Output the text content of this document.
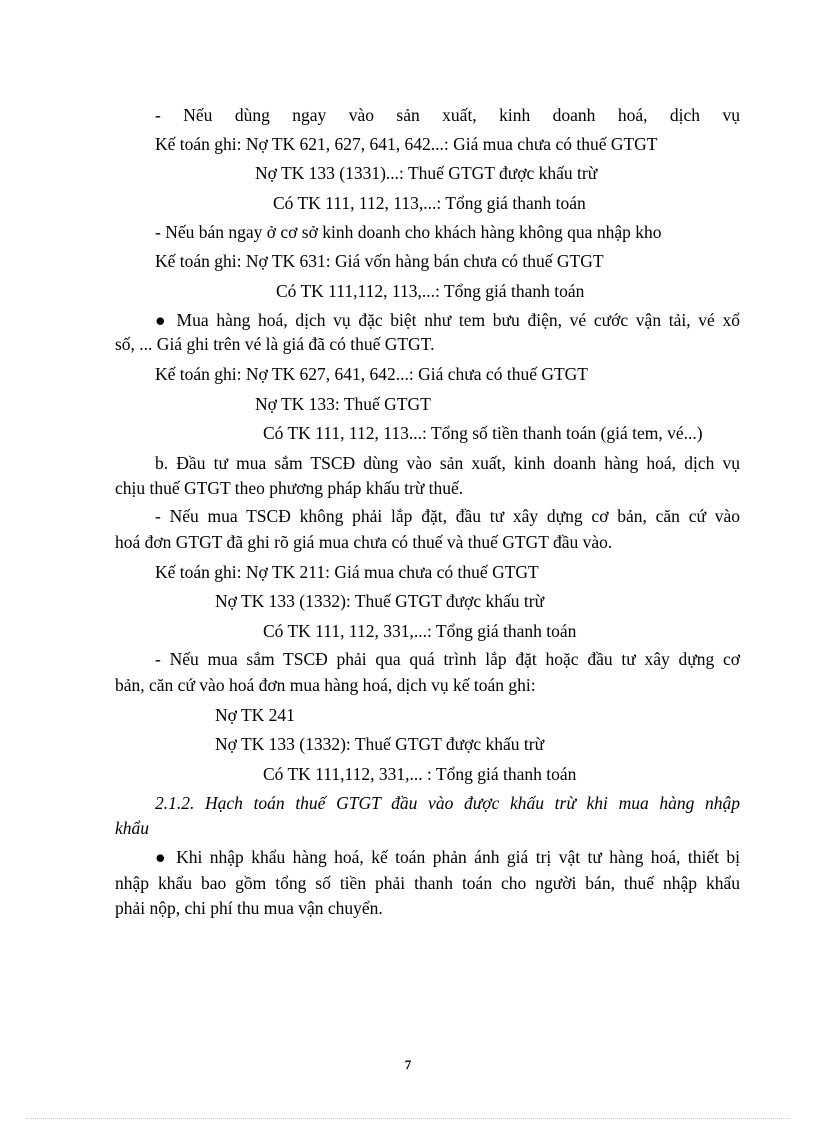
- Nếu dùng ngay vào sản xuất, kinh doanh hoá, dịch vụ
Kế toán ghi: Nợ TK 621, 627, 641, 642...: Giá mua chưa có thuế GTGT
Nợ TK 133 (1331)...: Thuế GTGT được khấu trừ
Có TK 111, 112, 113,...: Tổng giá thanh toán
- Nếu bán ngay ở cơ sở kinh doanh cho khách hàng không qua nhập kho
Kế toán ghi: Nợ TK 631: Giá vốn hàng bán chưa có thuế GTGT
Có TK 111,112, 113,...: Tổng giá thanh toán
● Mua hàng hoá, dịch vụ đặc biệt như tem bưu điện, vé cước vận tải, vé xổ
số, ... Giá ghi trên vé là giá đã có thuế GTGT.
Kế toán ghi: Nợ TK 627, 641, 642...: Giá chưa có thuế GTGT
Nợ TK 133: Thuế GTGT
Có TK 111, 112, 113...: Tổng số tiền thanh toán (giá tem, vé...)
b. Đầu tư mua sắm TSCĐ dùng vào sản xuất, kinh doanh hàng hoá, dịch vụ
chịu thuế GTGT theo phương pháp khấu trừ thuế.
- Nếu mua TSCĐ không phải lắp đặt, đầu tư xây dựng cơ bản, căn cứ vào
hoá đơn GTGT đã ghi rõ giá mua chưa có thuế và thuế GTGT đầu vào.
Kế toán ghi: Nợ TK 211: Giá mua chưa có thuế GTGT
Nợ TK 133 (1332): Thuế GTGT được khấu trừ
Có TK 111, 112, 331,...: Tổng giá thanh toán
- Nếu mua sắm TSCĐ phải qua quá trình lắp đặt hoặc đầu tư xây dựng cơ
bản, căn cứ vào hoá đơn mua hàng hoá, dịch vụ kế toán ghi:
Nợ TK 241
Nợ TK 133 (1332): Thuế GTGT được khấu trừ
Có TK 111,112, 331,... : Tổng giá thanh toán
2.1.2. Hạch toán thuế GTGT đầu vào được khấu trừ khi mua hàng nhập
khẩu
● Khi nhập khẩu hàng hoá, kế toán phản ánh giá trị vật tư hàng hoá, thiết bị
nhập khẩu bao gồm tổng số tiền phải thanh toán cho người bán, thuế nhập khẩu
phải nộp, chi phí thu mua vận chuyển.
7
